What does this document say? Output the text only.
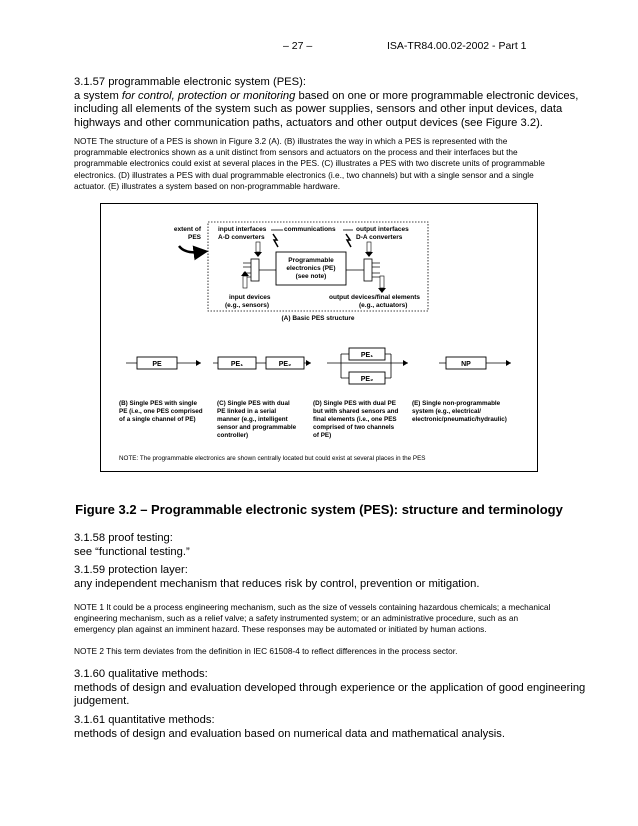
– 27 –	ISA-TR84.00.02-2002 - Part 1
3.1.57 programmable electronic system (PES):
a system for control, protection or monitoring based on one or more programmable electronic devices,
including all elements of the system such as power supplies, sensors and other input devices, data
highways and other communication paths, actuators and other output devices (see Figure 3.2).
NOTE The structure of a PES is shown in Figure 3.2 (A). (B) illustrates the way in which a PES is represented with the
programmable electronics shown as a unit distinct from sensors and actuators on the process and their interfaces but the
programmable electronics could exist at several places in the PES. (C) illustrates a PES with two discrete units of programmable
electronics. (D) illustrates a PES with dual programmable electronics (i.e., two channels) but with a single sensor and a single
actuator. (E) illustrates a system based on non-programmable hardware.
extent of
PES
input interfaces
A-D converters
communications	output interfaces
D-A converters
Programmable
electronics (PE)
(see note)
input devices
(e.g., sensors)
output devices/final elements
(e.g., actuators)
(A) Basic PES structure
PE	PE₁	PE₂
PE₁
PE₂
NP
(B) Single PES with single
PE (i.e., one PES comprised
of a single channel of PE)
(C) Single PES with dual
PE linked in a serial
manner (e.g., intelligent
sensor and programmable
controller)
(D) Single PES with dual PE
but with shared sensors and
final elements (i.e., one PES
comprised of two channels
of PE)
(E) Single non-programmable
system (e.g., electrical/
electronic/pneumatic/hydraulic)
NOTE: The programmable electronics are shown centrally located but could exist at several places in the PES
Figure 3.2 – Programmable electronic system (PES): structure and terminology
3.1.58 proof testing:
see “functional testing.”
3.1.59 protection layer:
any independent mechanism that reduces risk by control, prevention or mitigation.
NOTE 1 It could be a process engineering mechanism, such as the size of vessels containing hazardous chemicals; a mechanical
engineering mechanism, such as a relief valve; a safety instrumented system; or an administrative procedure, such as an
emergency plan against an imminent hazard. These responses may be automated or initiated by human actions.
NOTE 2 This term deviates from the definition in IEC 61508-4 to reflect differences in the process sector.
3.1.60 qualitative methods:
methods of design and evaluation developed through experience or the application of good engineering
judgement.
3.1.61 quantitative methods:
methods of design and evaluation based on numerical data and mathematical analysis.
